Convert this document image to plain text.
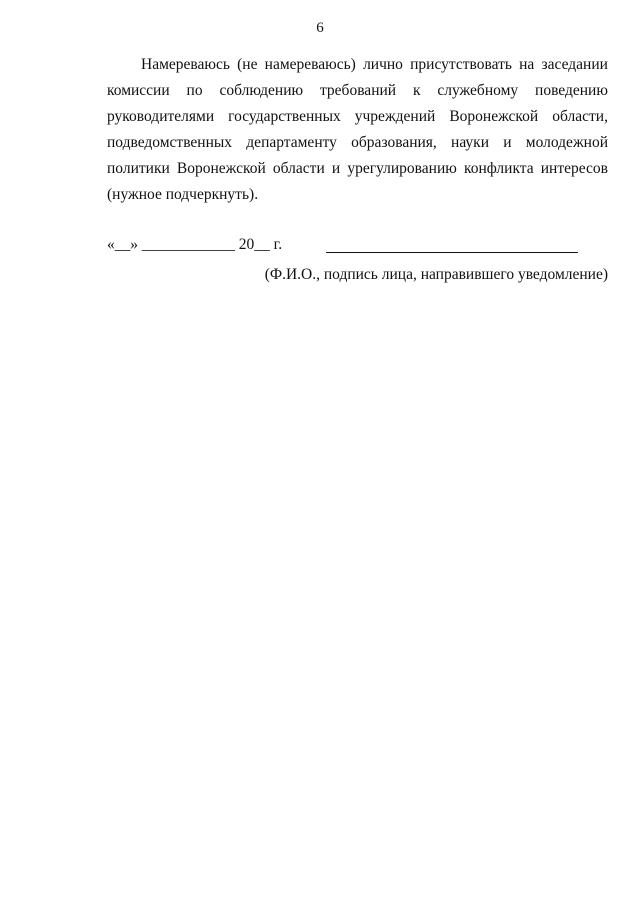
6
Намереваюсь (не намереваюсь) лично присутствовать на заседании
комиссии по соблюдению требований к служебному поведению
руководителями государственных учреждений Воронежской области,
подведомственных департаменту образования, науки и молодежной
политики Воронежской области и урегулированию конфликта интересов
(нужное подчеркнуть).
«__» ____________ 20__ г.
(Ф.И.О., подпись лица, направившего уведомление)
